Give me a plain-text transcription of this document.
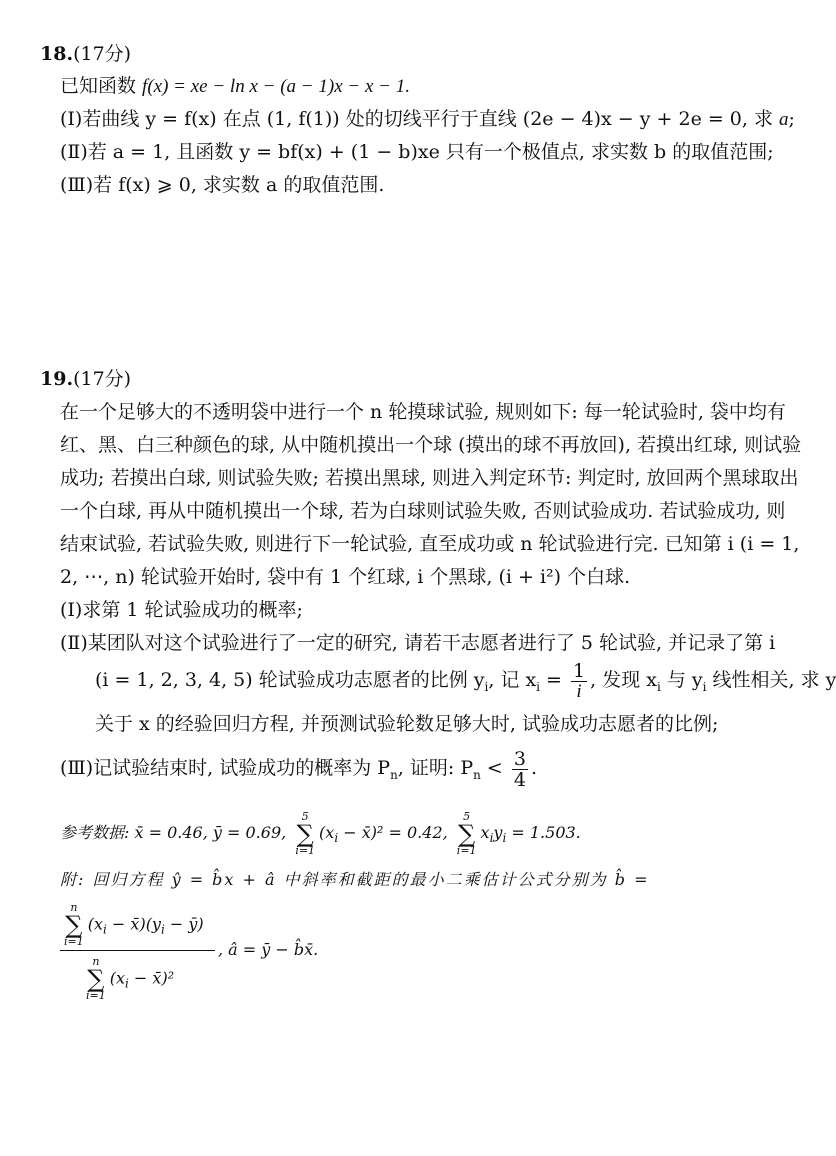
18.(17分)
已知函数 f(x) = xe − ln x − (a − 1)x − x − 1.
(Ⅰ)若曲线 y = f(x) 在点 (1, f(1)) 处的切线平行于直线 (2e − 4)x − y + 2e = 0, 求 a;
(Ⅱ)若 a = 1, 且函数 y = bf(x) + (1 − b)xe 只有一个极值点, 求实数 b 的取值范围;
(Ⅲ)若 f(x) ⩾ 0, 求实数 a 的取值范围.
19.(17分)
在一个足够大的不透明袋中进行一个 n 轮摸球试验, 规则如下: 每一轮试验时, 袋中均有
红、黑、白三种颜色的球, 从中随机摸出一个球 (摸出的球不再放回), 若摸出红球, 则试验
成功; 若摸出白球, 则试验失败; 若摸出黑球, 则进入判定环节: 判定时, 放回两个黑球取出
一个白球, 再从中随机摸出一个球, 若为白球则试验失败, 否则试验成功. 若试验成功, 则
结束试验, 若试验失败, 则进行下一轮试验, 直至成功或 n 轮试验进行完. 已知第 i (i = 1,
2, ⋯, n) 轮试验开始时, 袋中有 1 个红球, i 个黑球, (i + i²) 个白球.
(Ⅰ)求第 1 轮试验成功的概率;
(Ⅱ)某团队对这个试验进行了一定的研究, 请若干志愿者进行了 5 轮试验, 并记录了第 i
(i = 1, 2, 3, 4, 5) 轮试验成功志愿者的比例 $y_i$, 记 $x_i = \frac{1}{i}$ , 发现 $x_i$ 与 $y_i$ 线性相关, 求 y
关于 x 的经验回归方程, 并预测试验轮数足够大时, 试验成功志愿者的比例;
(Ⅲ)记试验结束时, 试验成功的概率为 $P_n$, 证明: $P_n < \frac{3}{4}$ .
参考数据: x̄ = 0.46, ȳ = 0.69,
5
∑
i=1
($x_i$ − x̄)² = 0.42,
5
∑
i=1
$x_iy_i = 1.503$.
附: 回归方程 ŷ = b̂x + â 中斜率和截距的最小二乘估计公式分别为 b̂ =
n
∑
i=1
($x_i$ − $x̄)(y_i$ − ȳ)
, â = ȳ − b̂x̄.
n
∑
i=1
($x_i$ − x̄)²
